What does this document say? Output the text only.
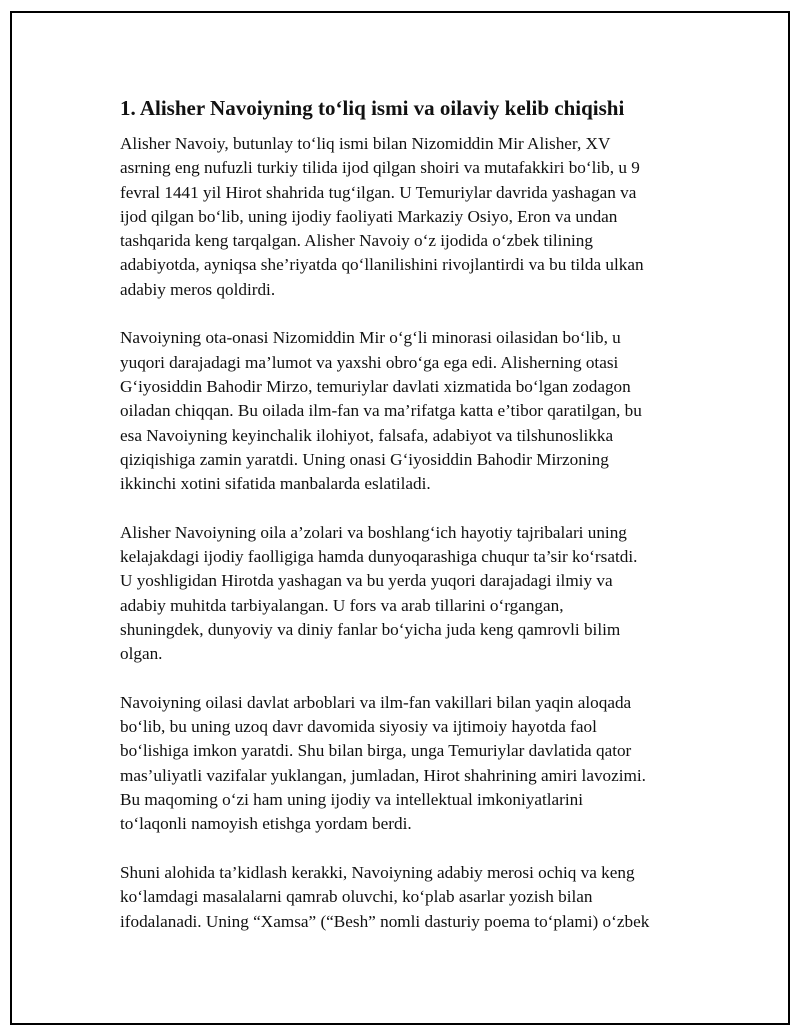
1. Alisher Navoiyning to‘liq ismi va oilaviy kelib chiqishi

Alisher Navoiy, butunlay to‘liq ismi bilan Nizomiddin Mir Alisher, XV
asrning eng nufuzli turkiy tilida ijod qilgan shoiri va mutafakkiri bo‘lib, u 9
fevral 1441 yil Hirot shahrida tug‘ilgan. U Temuriylar davrida yashagan va
ijod qilgan bo‘lib, uning ijodiy faoliyati Markaziy Osiyo, Eron va undan
tashqarida keng tarqalgan. Alisher Navoiy o‘z ijodida o‘zbek tilining
adabiyotda, ayniqsa she’riyatda qo‘llanilishini rivojlantirdi va bu tilda ulkan
adabiy meros qoldirdi.

Navoiyning ota-onasi Nizomiddin Mir o‘g‘li minorasi oilasidan bo‘lib, u
yuqori darajadagi ma’lumot va yaxshi obro‘ga ega edi. Alisherning otasi
G‘iyosiddin Bahodir Mirzo, temuriylar davlati xizmatida bo‘lgan zodagon
oiladan chiqqan. Bu oilada ilm-fan va ma’rifatga katta e’tibor qaratilgan, bu
esa Navoiyning keyinchalik ilohiyot, falsafa, adabiyot va tilshunoslikka
qiziqishiga zamin yaratdi. Uning onasi G‘iyosiddin Bahodir Mirzoning
ikkinchi xotini sifatida manbalarda eslatiladi.

Alisher Navoiyning oila a’zolari va boshlang‘ich hayotiy tajribalari uning
kelajakdagi ijodiy faolligiga hamda dunyoqarashiga chuqur ta’sir ko‘rsatdi.
U yoshligidan Hirotda yashagan va bu yerda yuqori darajadagi ilmiy va
adabiy muhitda tarbiyalangan. U fors va arab tillarini o‘rgangan,
shuningdek, dunyoviy va diniy fanlar bo‘yicha juda keng qamrovli bilim
olgan.

Navoiyning oilasi davlat arboblari va ilm-fan vakillari bilan yaqin aloqada
bo‘lib, bu uning uzoq davr davomida siyosiy va ijtimoiy hayotda faol
bo‘lishiga imkon yaratdi. Shu bilan birga, unga Temuriylar davlatida qator
mas’uliyatli vazifalar yuklangan, jumladan, Hirot shahrining amiri lavozimi.
Bu maqoming o‘zi ham uning ijodiy va intellektual imkoniyatlarini
to‘laqonli namoyish etishga yordam berdi.

Shuni alohida ta’kidlash kerakki, Navoiyning adabiy merosi ochiq va keng
ko‘lamdagi masalalarni qamrab oluvchi, ko‘plab asarlar yozish bilan
ifodalanadi. Uning “Xamsa” (“Besh” nomli dasturiy poema to‘plami) o‘zbek
